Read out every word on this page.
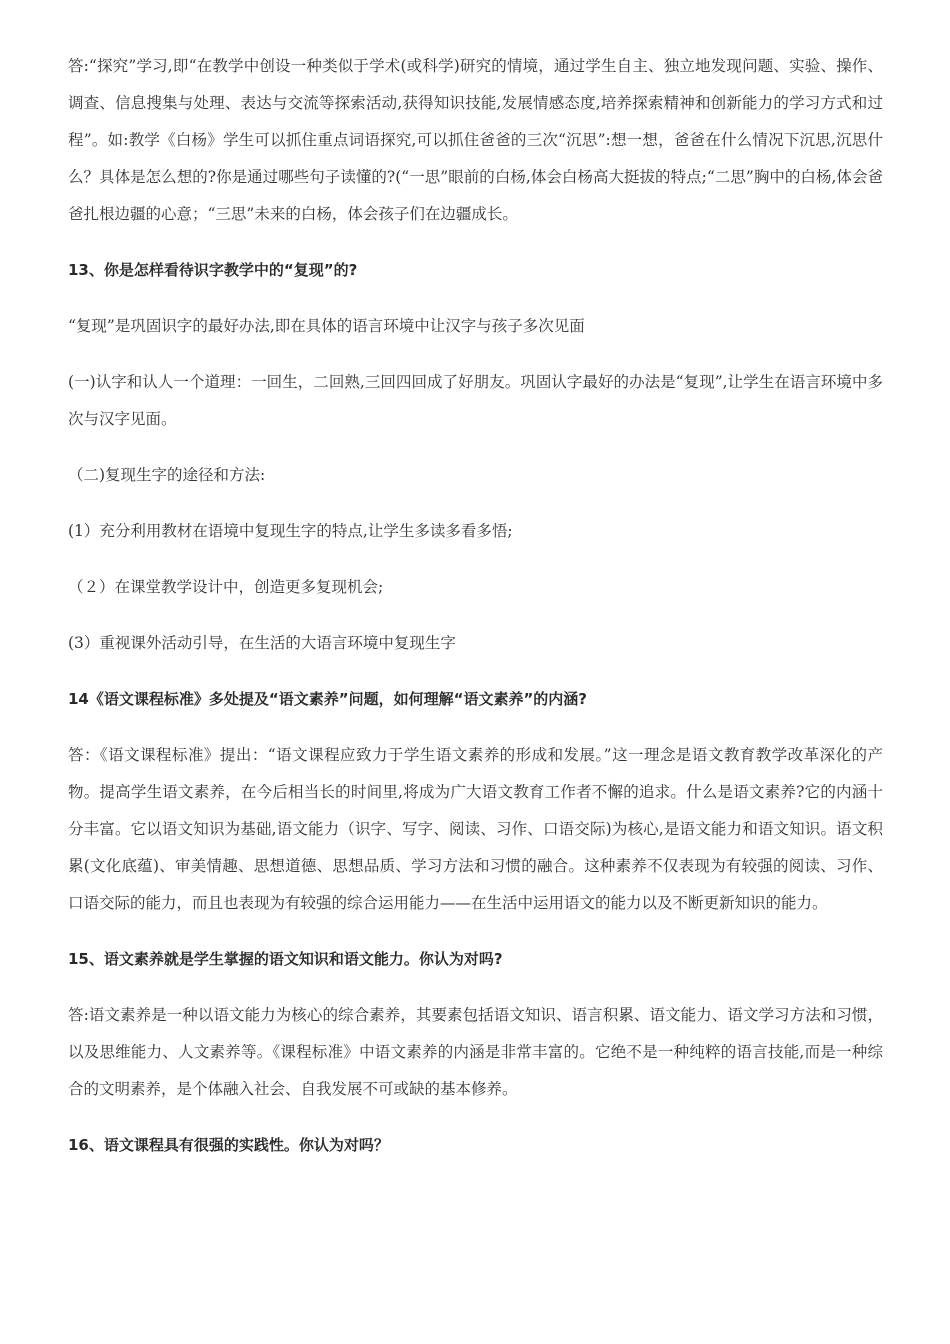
答:“探究”学习,即“在教学中创设一种类似于学术(或科学)研究的情境，通过学生自主、独立地发现问题、实验、操作、调查、信息搜集与处理、表达与交流等探索活动,获得知识技能,发展情感态度,培养探索精神和创新能力的学习方式和过程”。如:教学《白杨》学生可以抓住重点词语探究,可以抓住爸爸的三次“沉思”:想一想，爸爸在什么情况下沉思,沉思什么？具体是怎么想的?你是通过哪些句子读懂的?(“一思”眼前的白杨,体会白杨高大挺拔的特点;“二思”胸中的白杨,体会爸爸扎根边疆的心意；“三思”未来的白杨，体会孩子们在边疆成长。

13、你是怎样看待识字教学中的“复现”的?

“复现”是巩固识字的最好办法,即在具体的语言环境中让汉字与孩子多次见面

(一)认字和认人一个道理：一回生，二回熟,三回四回成了好朋友。巩固认字最好的办法是“复现”,让学生在语言环境中多次与汉字见面。

（二)复现生字的途径和方法:

(1）充分利用教材在语境中复现生字的特点,让学生多读多看多悟;

（２）在课堂教学设计中，创造更多复现机会;

(3）重视课外活动引导，在生活的大语言环境中复现生字

14《语文课程标准》多处提及“语文素养”问题，如何理解“语文素养”的内涵?

答：《语文课程标准》提出：“语文课程应致力于学生语文素养的形成和发展。”这一理念是语文教育教学改革深化的产物。提高学生语文素养，在今后相当长的时间里,将成为广大语文教育工作者不懈的追求。什么是语文素养?它的内涵十分丰富。它以语文知识为基础,语文能力（识字、写字、阅读、习作、口语交际)为核心,是语文能力和语文知识。语文积累(文化底蕴)、审美情趣、思想道德、思想品质、学习方法和习惯的融合。这种素养不仅表现为有较强的阅读、习作、口语交际的能力，而且也表现为有较强的综合运用能力——在生活中运用语文的能力以及不断更新知识的能力。

15、语文素养就是学生掌握的语文知识和语文能力。你认为对吗?

答:语文素养是一种以语文能力为核心的综合素养，其要素包括语文知识、语言积累、语文能力、语文学习方法和习惯，以及思维能力、人文素养等。《课程标准》中语文素养的内涵是非常丰富的。它绝不是一种纯粹的语言技能,而是一种综合的文明素养，是个体融入社会、自我发展不可或缺的基本修养。

16、语文课程具有很强的实践性。你认为对吗？
